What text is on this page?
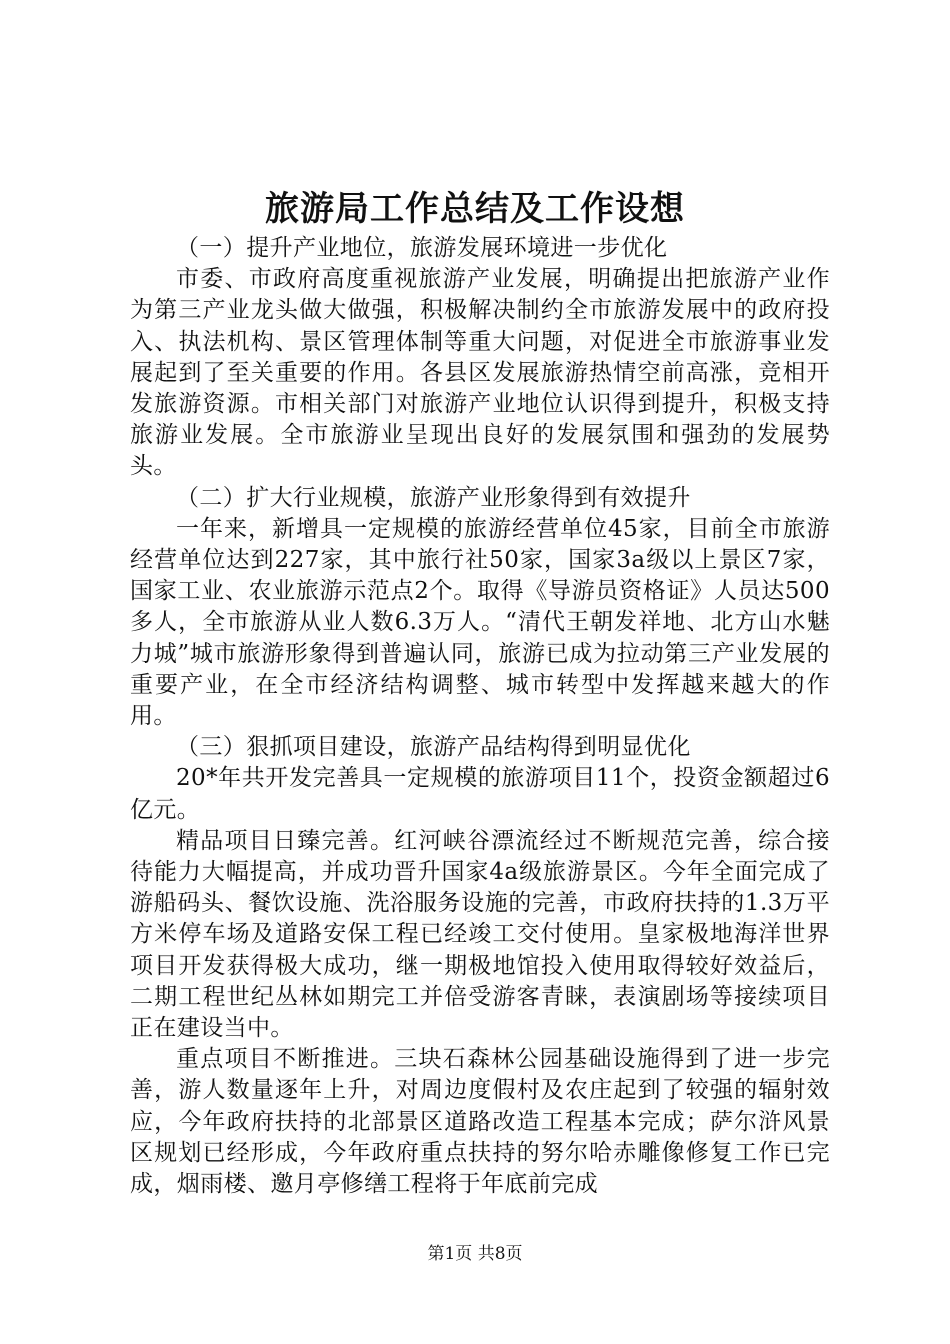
旅游局工作总结及工作设想

（一）提升产业地位，旅游发展环境进一步优化

市委、市政府高度重视旅游产业发展，明确提出把旅游产业作为第三产业龙头做大做强，积极解决制约全市旅游发展中的政府投入、执法机构、景区管理体制等重大问题，对促进全市旅游事业发展起到了至关重要的作用。各县区发展旅游热情空前高涨，竞相开发旅游资源。市相关部门对旅游产业地位认识得到提升，积极支持旅游业发展。全市旅游业呈现出良好的发展氛围和强劲的发展势头。

（二）扩大行业规模，旅游产业形象得到有效提升

一年来，新增具一定规模的旅游经营单位45家，目前全市旅游经营单位达到227家，其中旅行社50家，国家3a级以上景区7家，国家工业、农业旅游示范点2个。取得《导游员资格证》人员达500多人，全市旅游从业人数6.3万人。“清代王朝发祥地、北方山水魅力城”城市旅游形象得到普遍认同，旅游已成为拉动第三产业发展的重要产业，在全市经济结构调整、城市转型中发挥越来越大的作用。

（三）狠抓项目建设，旅游产品结构得到明显优化

20*年共开发完善具一定规模的旅游项目11个，投资金额超过6亿元。

精品项目日臻完善。红河峡谷漂流经过不断规范完善，综合接待能力大幅提高，并成功晋升国家4a级旅游景区。今年全面完成了游船码头、餐饮设施、洗浴服务设施的完善，市政府扶持的1.3万平方米停车场及道路安保工程已经竣工交付使用。皇家极地海洋世界项目开发获得极大成功，继一期极地馆投入使用取得较好效益后，二期工程世纪丛林如期完工并倍受游客青睐，表演剧场等接续项目正在建设当中。

重点项目不断推进。三块石森林公园基础设施得到了进一步完善，游人数量逐年上升，对周边度假村及农庄起到了较强的辐射效应，今年政府扶持的北部景区道路改造工程基本完成；萨尔浒风景区规划已经形成，今年政府重点扶持的努尔哈赤雕像修复工作已完成，烟雨楼、邀月亭修缮工程将于年底前完成

第1页 共8页
